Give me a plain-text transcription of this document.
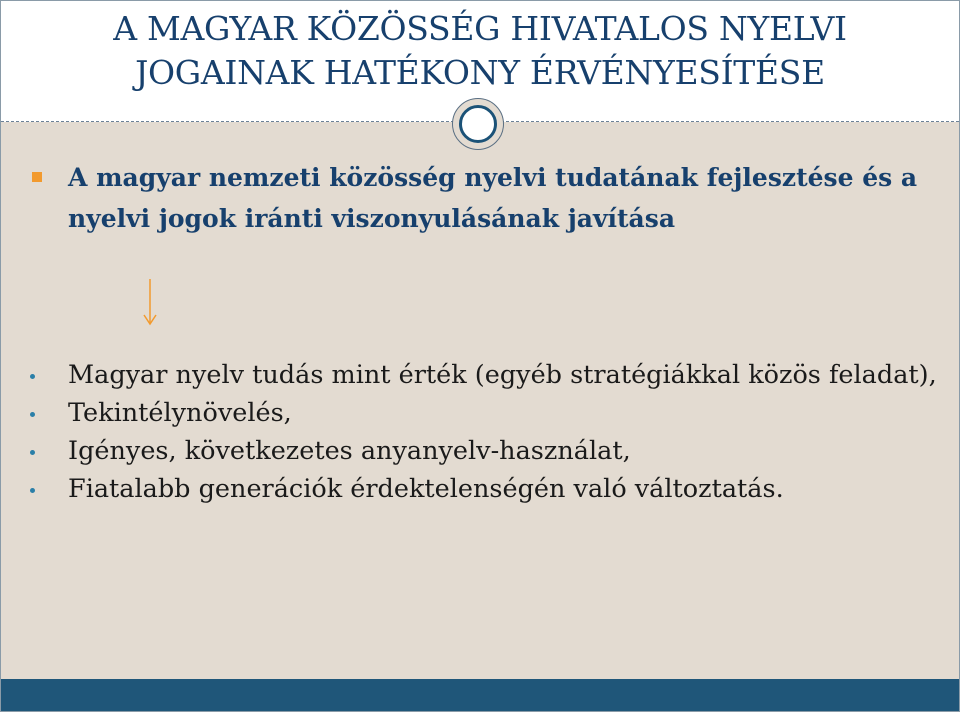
A MAGYAR KÖZÖSSÉG HIVATALOS NYELVI
JOGAINAK HATÉKONY ÉRVÉNYESÍTÉSE
A magyar nemzeti közösség nyelvi tudatának fejlesztése és a nyelvi jogok iránti viszonyulásának javítása
Magyar nyelv tudás mint érték (egyéb stratégiákkal közös feladat),
Tekintélynövelés,
Igényes, következetes anyanyelv-használat,
Fiatalabb generációk érdektelenségén való változtatás.
